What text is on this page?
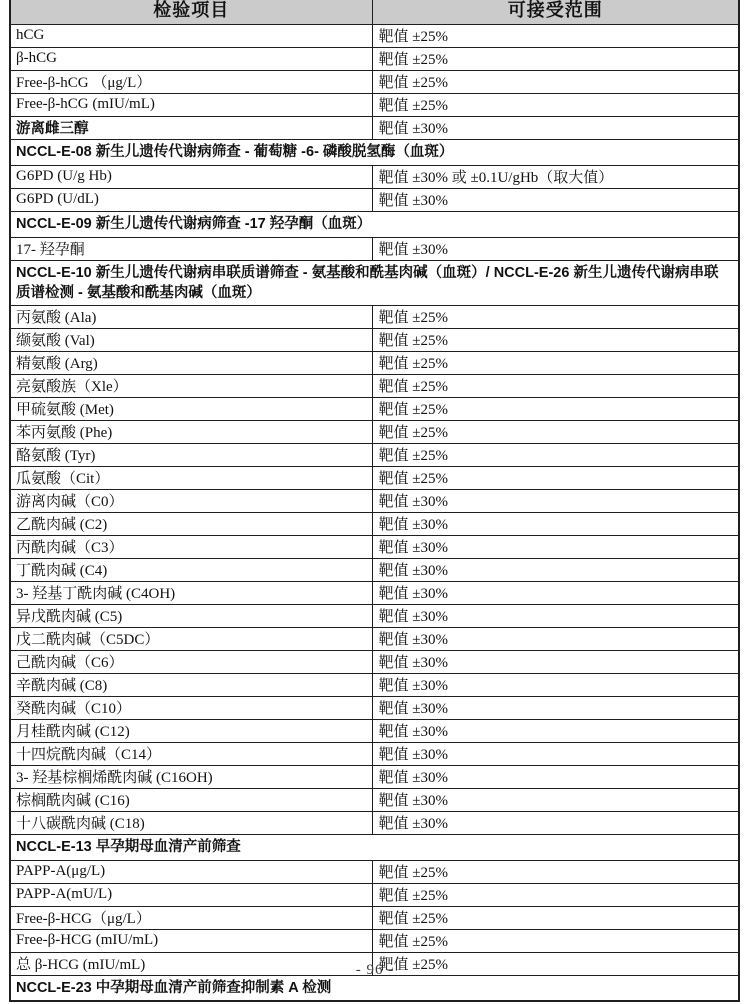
检验项目	可接受范围
hCG	靶值 ±25%
β-hCG	靶值 ±25%
Free-β-hCG （μg/L）	靶值 ±25%
Free-β-hCG (mIU/mL)	靶值 ±25%
游离雌三醇	靶值 ±30%
NCCL-E-08 新生儿遗传代谢病筛查 - 葡萄糖 -6- 磷酸脱氢酶（血斑）	
G6PD (U/g Hb)	靶值 ±30% 或 ±0.1U/gHb（取大值）
G6PD (U/dL)	靶值 ±30%
NCCL-E-09 新生儿遗传代谢病筛查 -17 羟孕酮（血斑）	
17- 羟孕酮	靶值 ±30%
NCCL-E-10 新生儿遗传代谢病串联质谱筛查 - 氨基酸和酰基肉碱（血斑）/ NCCL-E-26 新生儿遗传代谢病串联质谱检测 - 氨基酸和酰基肉碱（血斑）	
丙氨酸 (Ala)	靶值 ±25%
缬氨酸 (Val)	靶值 ±25%
精氨酸 (Arg)	靶值 ±25%
亮氨酸族（Xle）	靶值 ±25%
甲硫氨酸 (Met)	靶值 ±25%
苯丙氨酸 (Phe)	靶值 ±25%
酪氨酸 (Tyr)	靶值 ±25%
瓜氨酸（Cit）	靶值 ±25%
游离肉碱（C0）	靶值 ±30%
乙酰肉碱 (C2)	靶值 ±30%
丙酰肉碱（C3）	靶值 ±30%
丁酰肉碱 (C4)	靶值 ±30%
3- 羟基丁酰肉碱 (C4OH)	靶值 ±30%
异戊酰肉碱 (C5)	靶值 ±30%
戊二酰肉碱（C5DC）	靶值 ±30%
己酰肉碱（C6）	靶值 ±30%
辛酰肉碱 (C8)	靶值 ±30%
癸酰肉碱（C10）	靶值 ±30%
月桂酰肉碱 (C12)	靶值 ±30%
十四烷酰肉碱（C14）	靶值 ±30%
3- 羟基棕榈烯酰肉碱 (C16OH)	靶值 ±30%
棕榈酰肉碱 (C16)	靶值 ±30%
十八碳酰肉碱 (C18)	靶值 ±30%
NCCL-E-13 早孕期母血清产前筛查	
PAPP-A(μg/L)	靶值 ±25%
PAPP-A(mU/L)	靶值 ±25%
Free-β-HCG（μg/L）	靶值 ±25%
Free-β-HCG (mIU/mL)	靶值 ±25%
总 β-HCG (mIU/mL)	靶值 ±25%
NCCL-E-23 中孕期母血清产前筛查抑制素 A 检测	
- 96 -
